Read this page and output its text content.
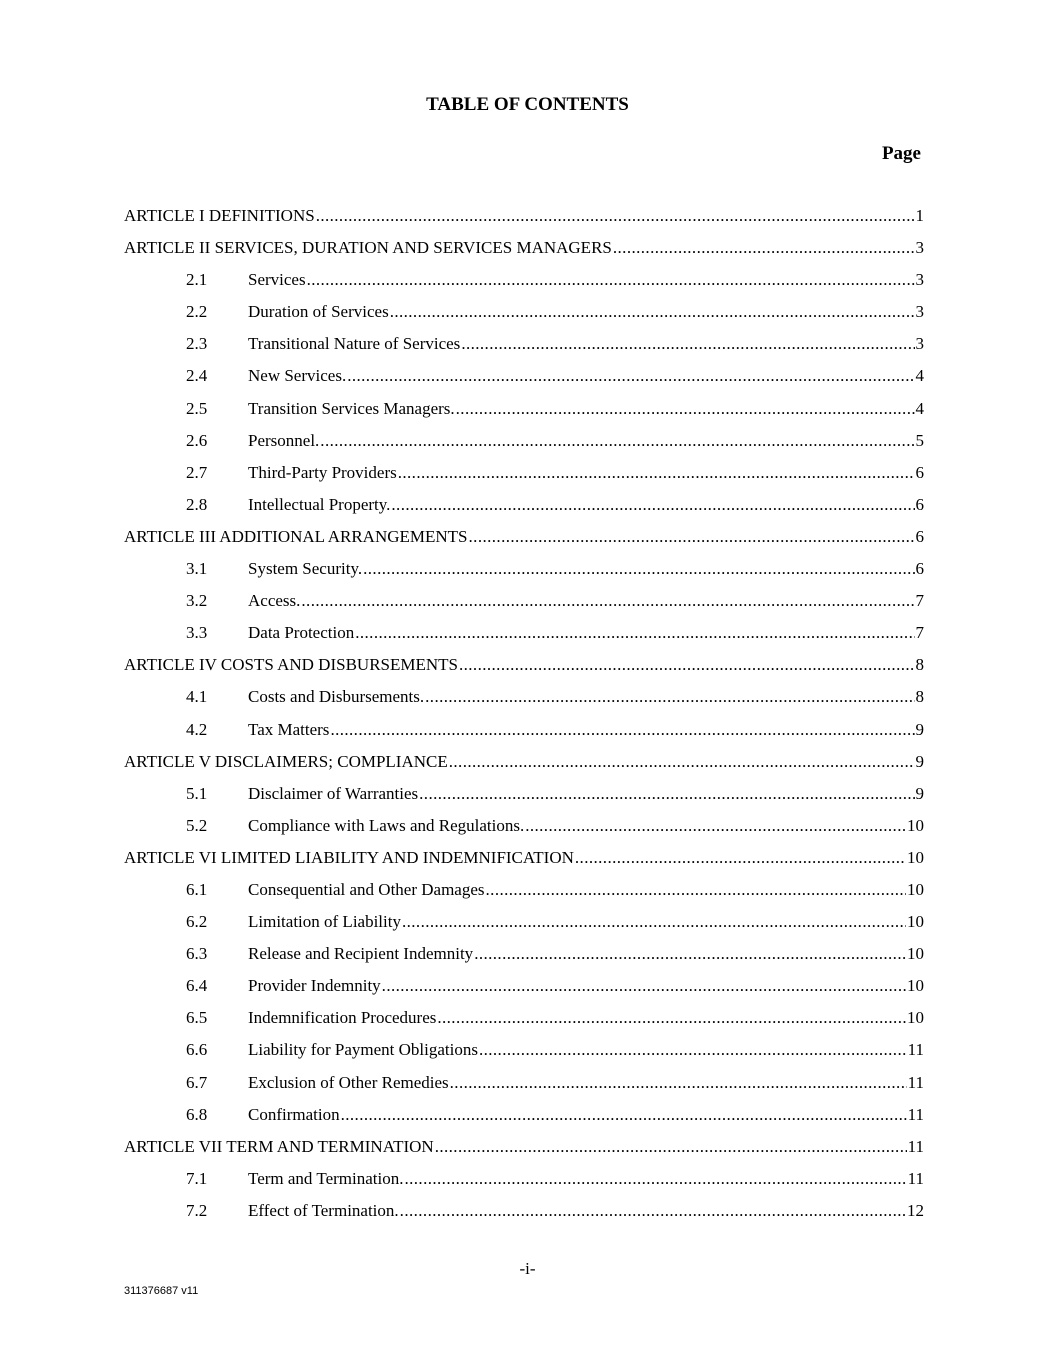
TABLE OF CONTENTS
Page
ARTICLE I DEFINITIONS .....	1
ARTICLE II SERVICES, DURATION AND SERVICES MANAGERS .....	3
2.1	Services .....	3
2.2	Duration of Services .....	3
2.3	Transitional Nature of Services .....	3
2.4	New Services. .....	4
2.5	Transition Services Managers. .....	4
2.6	Personnel. .....	5
2.7	Third-Party Providers .....	6
2.8	Intellectual Property. .....	6
ARTICLE III ADDITIONAL ARRANGEMENTS .....	6
3.1	System Security. .....	6
3.2	Access. .....	7
3.3	Data Protection .....	7
ARTICLE IV COSTS AND DISBURSEMENTS .....	8
4.1	Costs and Disbursements. .....	8
4.2	Tax Matters .....	9
ARTICLE V DISCLAIMERS; COMPLIANCE .....	9
5.1	Disclaimer of Warranties .....	9
5.2	Compliance with Laws and Regulations. .....	10
ARTICLE VI LIMITED LIABILITY AND INDEMNIFICATION .....	10
6.1	Consequential and Other Damages .....	10
6.2	Limitation of Liability .....	10
6.3	Release and Recipient Indemnity .....	10
6.4	Provider Indemnity .....	10
6.5	Indemnification Procedures .....	10
6.6	Liability for Payment Obligations .....	11
6.7	Exclusion of Other Remedies .....	11
6.8	Confirmation .....	11
ARTICLE VII TERM AND TERMINATION .....	11
7.1	Term and Termination. .....	11
7.2	Effect of Termination. .....	12
-i-
311376687 v11
